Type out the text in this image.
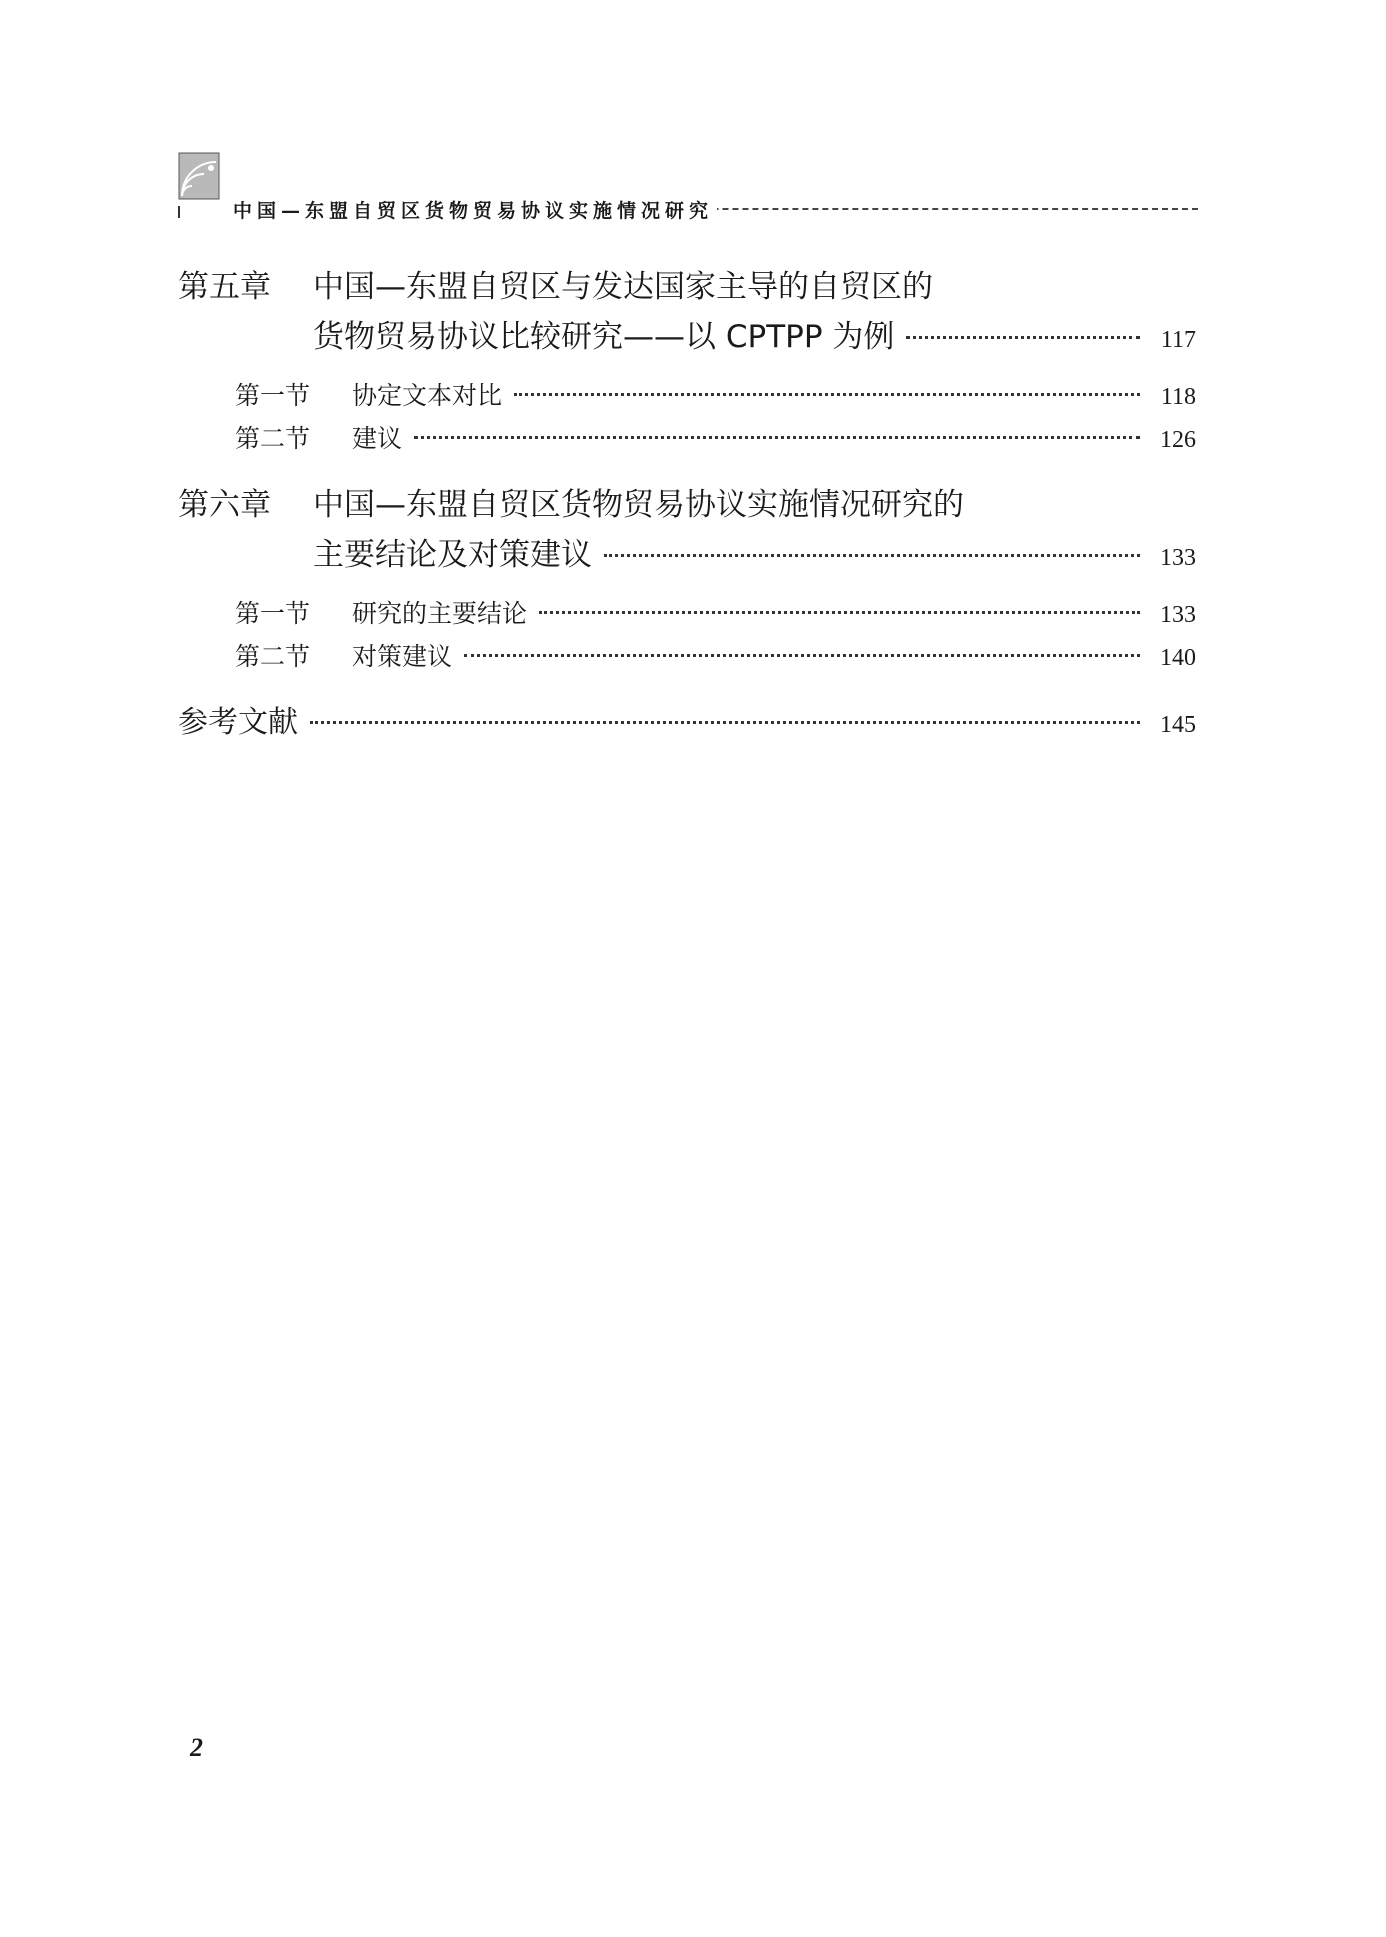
中国—东盟自贸区货物贸易协议实施情况研究
第五章	中国—东盟自贸区与发达国家主导的自贸区的
货物贸易协议比较研究——以 CPTPP 为例	117
第一节	协定文本对比	118
第二节	建议	126
第六章	中国—东盟自贸区货物贸易协议实施情况研究的
主要结论及对策建议	133
第一节	研究的主要结论	133
第二节	对策建议	140
参考文献	145
2
